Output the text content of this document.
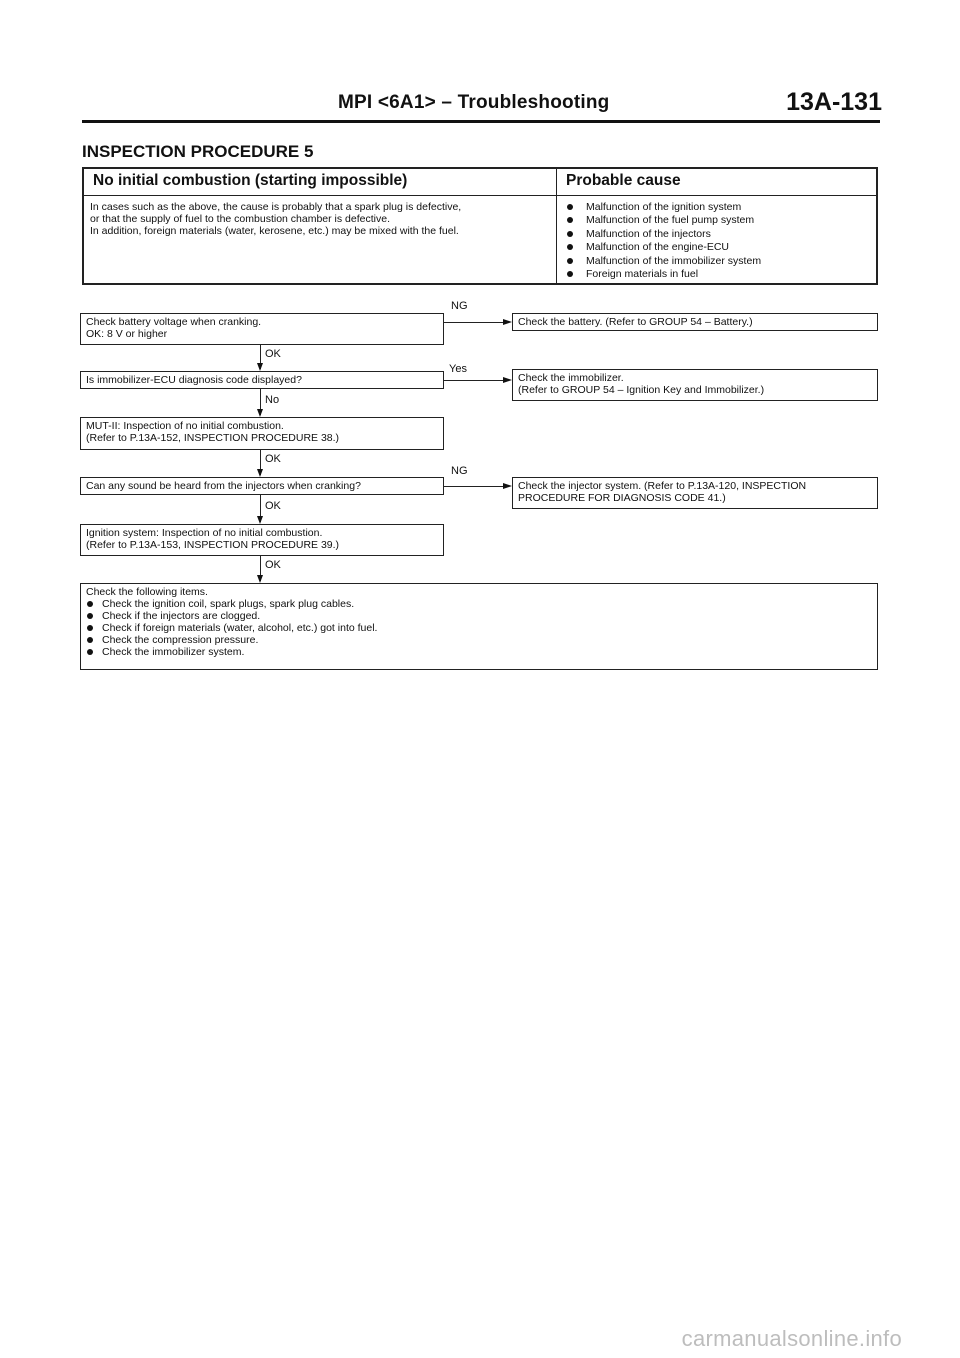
MPI <6A1> – Troubleshooting	13A-131
INSPECTION PROCEDURE 5
No initial combustion (starting impossible)	Probable cause
In cases such as the above, the cause is probably that a spark plug is defective,
or that the supply of fuel to the combustion chamber is defective.
In addition, foreign materials (water, kerosene, etc.) may be mixed with the fuel.
Malfunction of the ignition system
Malfunction of the fuel pump system
Malfunction of the injectors
Malfunction of the engine-ECU
Malfunction of the immobilizer system
Foreign materials in fuel
Check battery voltage when cranking.
OK: 8 V or higher
NG
Check the battery. (Refer to GROUP 54 – Battery.)
OK
Is immobilizer-ECU diagnosis code displayed?
Yes
Check the immobilizer.
(Refer to GROUP 54 – Ignition Key and Immobilizer.)
No
MUT-II: Inspection of no initial combustion.
(Refer to P.13A-152, INSPECTION PROCEDURE 38.)
OK
Can any sound be heard from the injectors when cranking?
NG
Check the injector system. (Refer to P.13A-120, INSPECTION
PROCEDURE FOR DIAGNOSIS CODE 41.)
OK
Ignition system: Inspection of no initial combustion.
(Refer to P.13A-153, INSPECTION PROCEDURE 39.)
OK
Check the following items.
Check the ignition coil, spark plugs, spark plug cables.
Check if the injectors are clogged.
Check if foreign materials (water, alcohol, etc.) got into fuel.
Check the compression pressure.
Check the immobilizer system.
carmanualsonline.info
